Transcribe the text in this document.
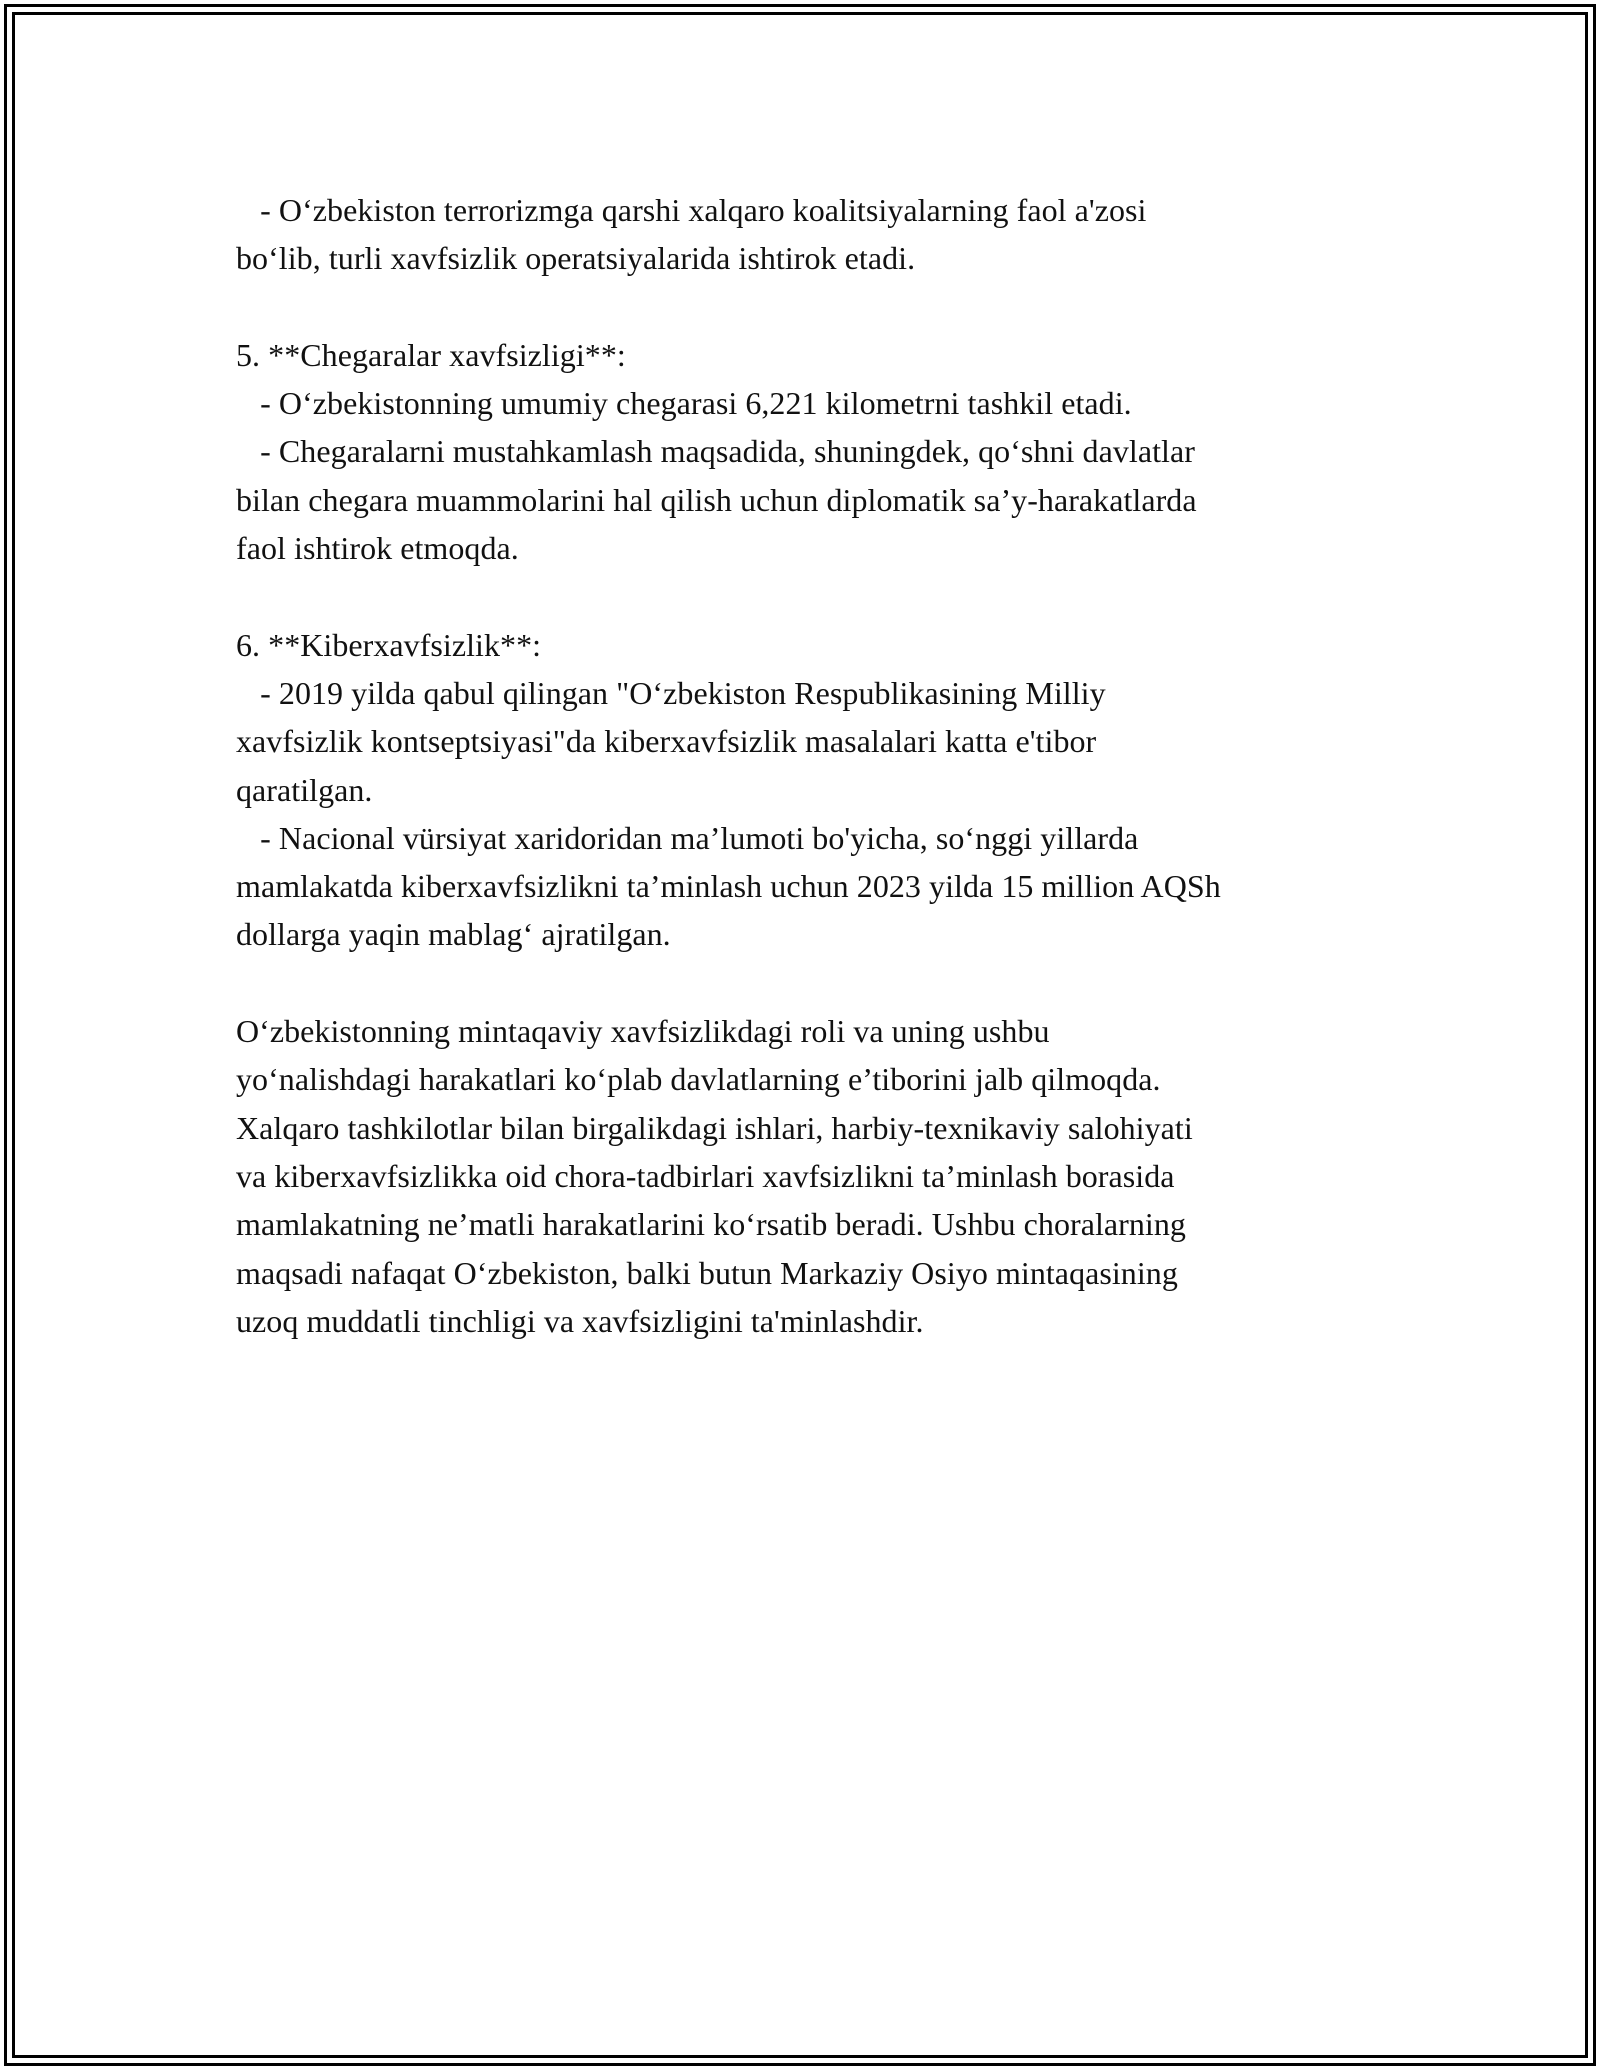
- O‘zbekiston terrorizmga qarshi xalqaro koalitsiyalarning faol a'zosi
bo‘lib, turli xavfsizlik operatsiyalarida ishtirok etadi.
5. **Chegaralar xavfsizligi**:
- O‘zbekistonning umumiy chegarasi 6,221 kilometrni tashkil etadi.
- Chegaralarni mustahkamlash maqsadida, shuningdek, qo‘shni davlatlar
bilan chegara muammolarini hal qilish uchun diplomatik sa’y-harakatlarda
faol ishtirok etmoqda.
6. **Kiberxavfsizlik**:
- 2019 yilda qabul qilingan "O‘zbekiston Respublikasining Milliy
xavfsizlik kontseptsiyasi"da kiberxavfsizlik masalalari katta e'tibor
qaratilgan.
- Nacional vürsiyat xaridoridan ma’lumoti bo'yicha, so‘nggi yillarda
mamlakatda kiberxavfsizlikni ta’minlash uchun 2023 yilda 15 million AQSh
dollarga yaqin mablag‘ ajratilgan.
O‘zbekistonning mintaqaviy xavfsizlikdagi roli va uning ushbu
yo‘nalishdagi harakatlari ko‘plab davlatlarning e’tiborini jalb qilmoqda.
Xalqaro tashkilotlar bilan birgalikdagi ishlari, harbiy-texnikaviy salohiyati
va kiberxavfsizlikka oid chora-tadbirlari xavfsizlikni ta’minlash borasida
mamlakatning ne’matli harakatlarini ko‘rsatib beradi. Ushbu choralarning
maqsadi nafaqat O‘zbekiston, balki butun Markaziy Osiyo mintaqasining
uzoq muddatli tinchligi va xavfsizligini ta'minlashdir.
